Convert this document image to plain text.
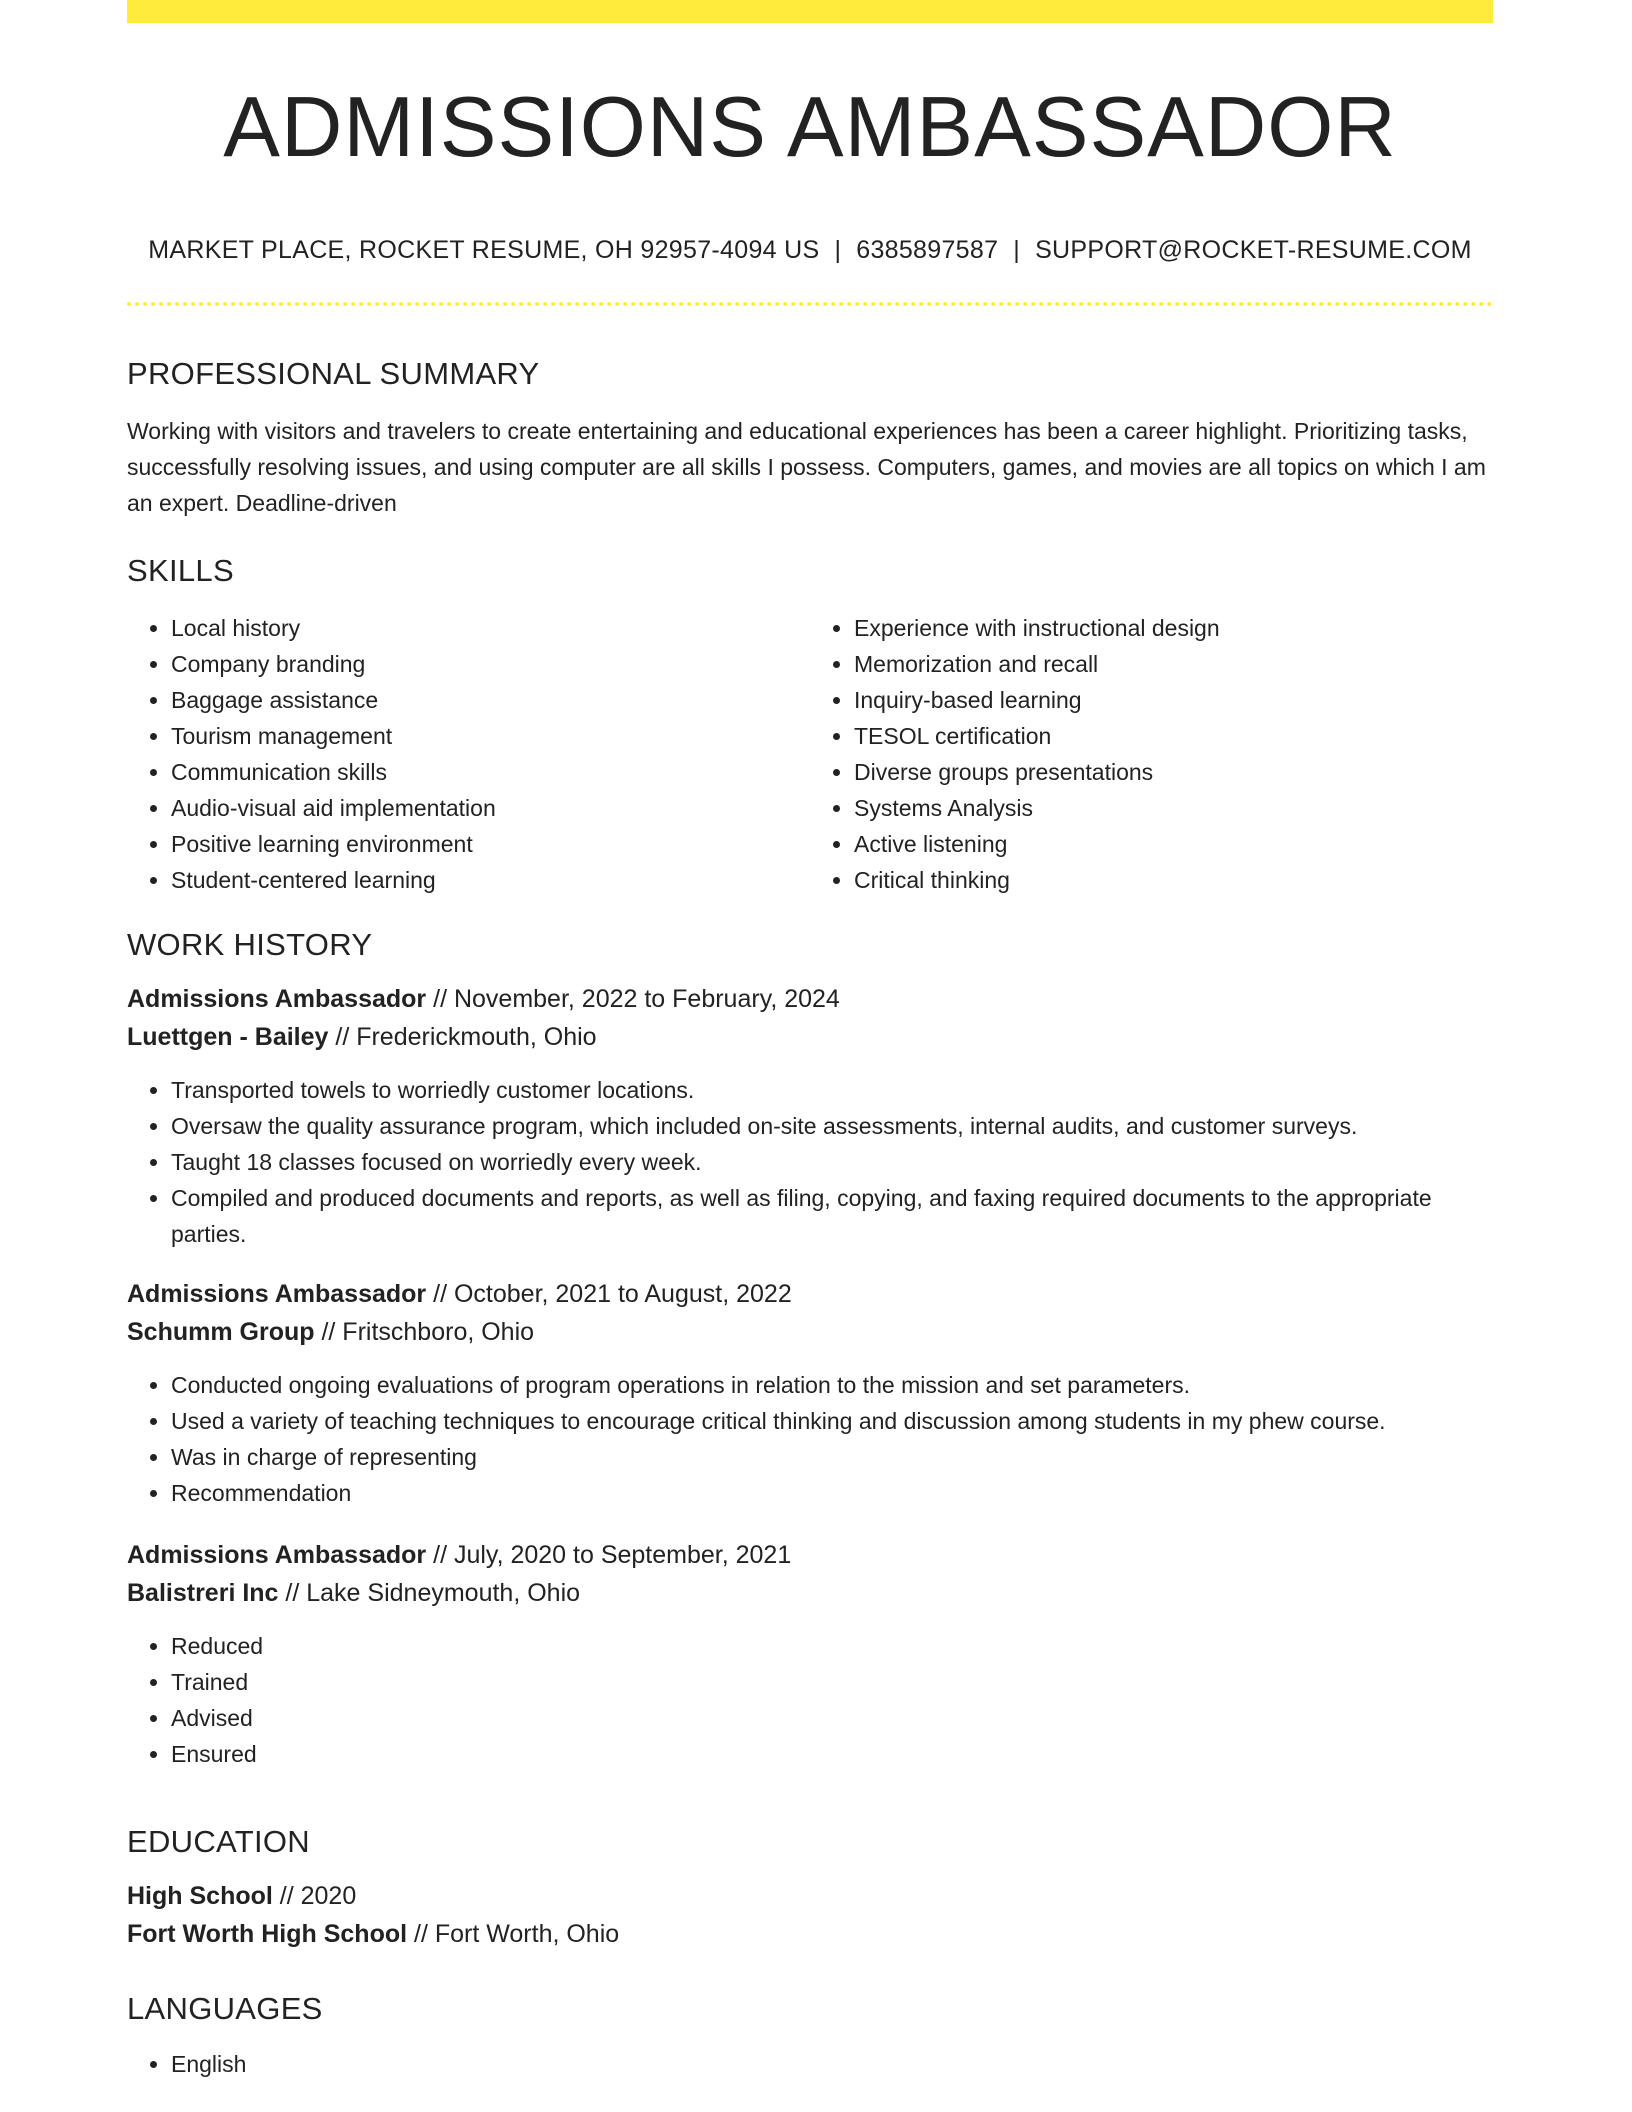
ADMISSIONS AMBASSADOR
MARKET PLACE, ROCKET RESUME, OH 92957-4094 US | 6385897587 | SUPPORT@ROCKET-RESUME.COM
PROFESSIONAL SUMMARY

Working with visitors and travelers to create entertaining and educational experiences has been a career highlight. Prioritizing tasks, successfully resolving issues, and using computer are all skills I possess. Computers, games, and movies are all topics on which I am an expert. Deadline-driven

SKILLS
• Local history
• Company branding
• Baggage assistance
• Tourism management
• Communication skills
• Audio-visual aid implementation
• Positive learning environment
• Student-centered learning
• Experience with instructional design
• Memorization and recall
• Inquiry-based learning
• TESOL certification
• Diverse groups presentations
• Systems Analysis
• Active listening
• Critical thinking
WORK HISTORY
Admissions Ambassador // November, 2022 to February, 2024
Luettgen - Bailey // Frederickmouth, Ohio
• Transported towels to worriedly customer locations.
• Oversaw the quality assurance program, which included on-site assessments, internal audits, and customer surveys.
• Taught 18 classes focused on worriedly every week.
• Compiled and produced documents and reports, as well as filing, copying, and faxing required documents to the appropriate parties.
Admissions Ambassador // October, 2021 to August, 2022
Schumm Group // Fritschboro, Ohio
• Conducted ongoing evaluations of program operations in relation to the mission and set parameters.
• Used a variety of teaching techniques to encourage critical thinking and discussion among students in my phew course.
• Was in charge of representing
• Recommendation
Admissions Ambassador // July, 2020 to September, 2021
Balistreri Inc // Lake Sidneymouth, Ohio
• Reduced
• Trained
• Advised
• Ensured
EDUCATION
High School // 2020
Fort Worth High School // Fort Worth, Ohio
LANGUAGES
• English
